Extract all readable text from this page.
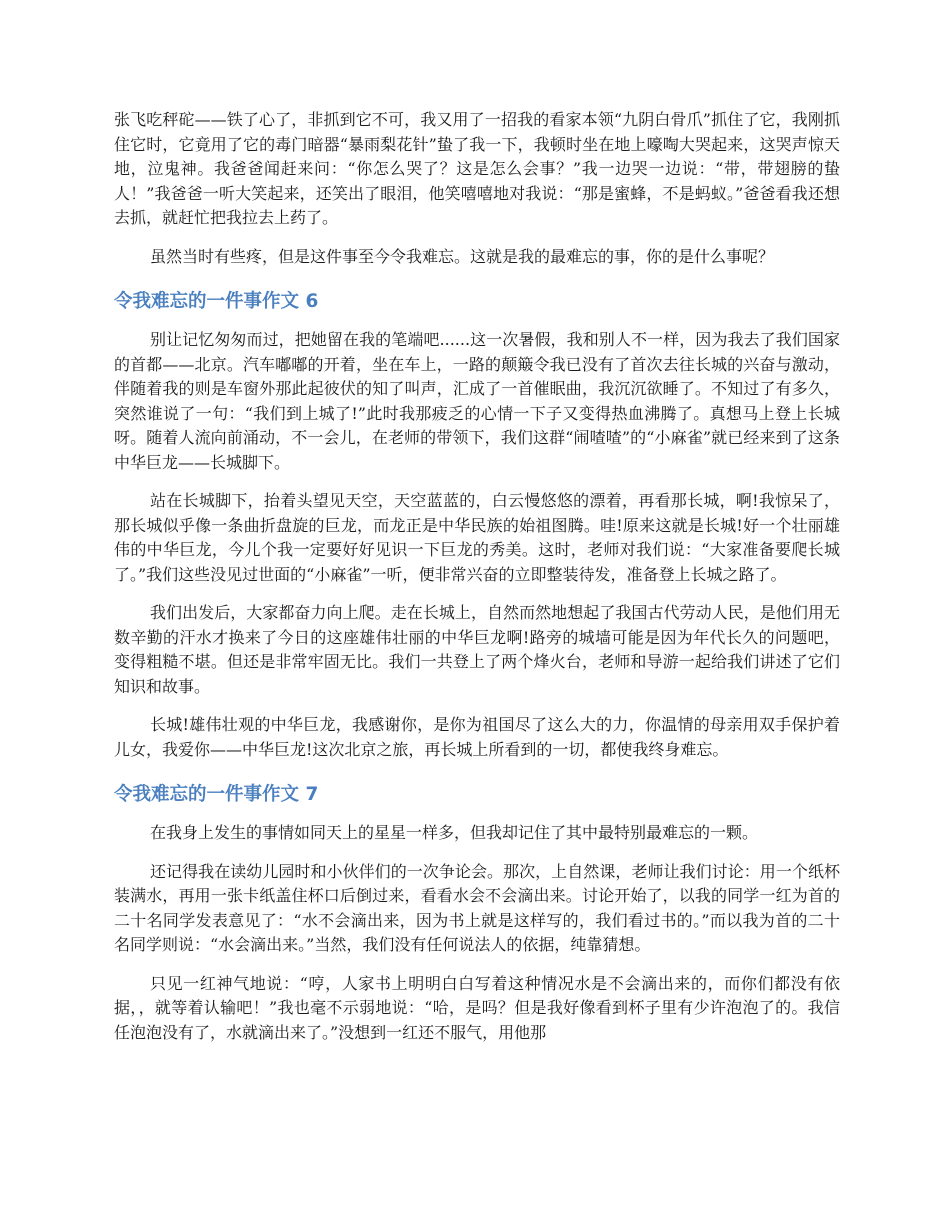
张飞吃秤砣——铁了心了，非抓到它不可，我又用了一招我的看家本领“九阴白骨爪”抓住了它，我刚抓住它时，它竟用了它的毒门暗器“暴雨梨花针”蛰了我一下，我顿时坐在地上嚎啕大哭起来，这哭声惊天地，泣鬼神。我爸爸闻赶来问：“你怎么哭了？这是怎么会事？”我一边哭一边说：“带，带翅膀的蛰人！”我爸爸一听大笑起来，还笑出了眼泪，他笑嘻嘻地对我说：“那是蜜蜂，不是蚂蚁。”爸爸看我还想去抓，就赶忙把我拉去上药了。

虽然当时有些疼，但是这件事至今令我难忘。这就是我的最难忘的事，你的是什么事呢？

令我难忘的一件事作文 6

别让记忆匆匆而过，把她留在我的笔端吧......这一次暑假，我和别人不一样，因为我去了我们国家的首都——北京。汽车嘟嘟的开着，坐在车上，一路的颠簸令我已没有了首次去往长城的兴奋与激动，伴随着我的则是车窗外那此起彼伏的知了叫声，汇成了一首催眠曲，我沉沉欲睡了。不知过了有多久，突然谁说了一句：“我们到上城了!”此时我那疲乏的心情一下子又变得热血沸腾了。真想马上登上长城呀。随着人流向前涌动，不一会儿，在老师的带领下，我们这群“闹喳喳”的“小麻雀”就已经来到了这条中华巨龙——长城脚下。

站在长城脚下，抬着头望见天空，天空蓝蓝的，白云慢悠悠的漂着，再看那长城，啊!我惊呆了，那长城似乎像一条曲折盘旋的巨龙，而龙正是中华民族的始祖图腾。哇!原来这就是长城!好一个壮丽雄伟的中华巨龙，今儿个我一定要好好见识一下巨龙的秀美。这时，老师对我们说：“大家准备要爬长城了。”我们这些没见过世面的“小麻雀”一听，便非常兴奋的立即整装待发，准备登上长城之路了。

我们出发后，大家都奋力向上爬。走在长城上，自然而然地想起了我国古代劳动人民，是他们用无数辛勤的汗水才换来了今日的这座雄伟壮丽的中华巨龙啊!路旁的城墙可能是因为年代长久的问题吧，变得粗糙不堪。但还是非常牢固无比。我们一共登上了两个烽火台，老师和导游一起给我们讲述了它们知识和故事。

长城!雄伟壮观的中华巨龙，我感谢你，是你为祖国尽了这么大的力，你温情的母亲用双手保护着儿女，我爱你——中华巨龙!这次北京之旅，再长城上所看到的一切，都使我终身难忘。

令我难忘的一件事作文 7

在我身上发生的事情如同天上的星星一样多，但我却记住了其中最特别最难忘的一颗。

还记得我在读幼儿园时和小伙伴们的一次争论会。那次，上自然课，老师让我们讨论：用一个纸杯装满水，再用一张卡纸盖住杯口后倒过来，看看水会不会滴出来。讨论开始了，以我的同学一红为首的二十名同学发表意见了：“水不会滴出来，因为书上就是这样写的，我们看过书的。”而以我为首的二十名同学则说：“水会滴出来。”当然，我们没有任何说法人的依据，纯靠猜想。

只见一红神气地说：“哼，人家书上明明白白写着这种情况水是不会滴出来的，而你们都没有依据，，就等着认输吧！”我也毫不示弱地说：“哈，是吗？但是我好像看到杯子里有少许泡泡了的。我信任泡泡没有了，水就滴出来了。”没想到一红还不服气，用他那
